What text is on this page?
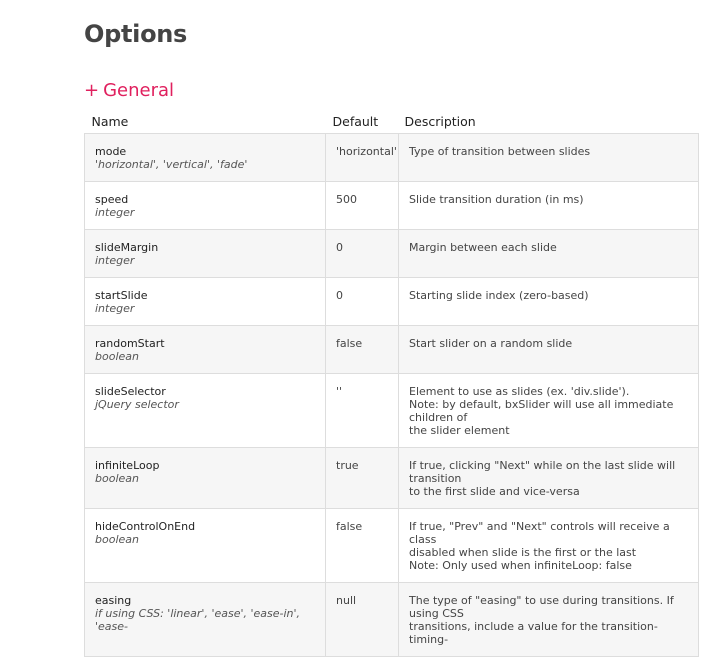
Options
+ General
Name	Default	Description

mode
'horizontal', 'vertical', 'fade'	'horizontal'	Type of transition between slides

speed
integer	500	Slide transition duration (in ms)

slideMargin
integer	0	Margin between each slide

startSlide
integer	0	Starting slide index (zero-based)

randomStart
boolean	false	Start slider on a random slide

slideSelector
jQuery selector	''	Element to use as slides (ex. 'div.slide').
Note: by default, bxSlider will use all immediate children of
the slider element

infiniteLoop
boolean	true	If true, clicking "Next" while on the last slide will transition
to the first slide and vice-versa

hideControlOnEnd
boolean	false	If true, "Prev" and "Next" controls will receive a class
disabled when slide is the first or the last
Note: Only used when infiniteLoop: false

easing
if using CSS: 'linear', 'ease', 'ease-in', 'ease-	null	The type of "easing" to use during transitions. If using CSS
transitions, include a value for the transition-timing-
